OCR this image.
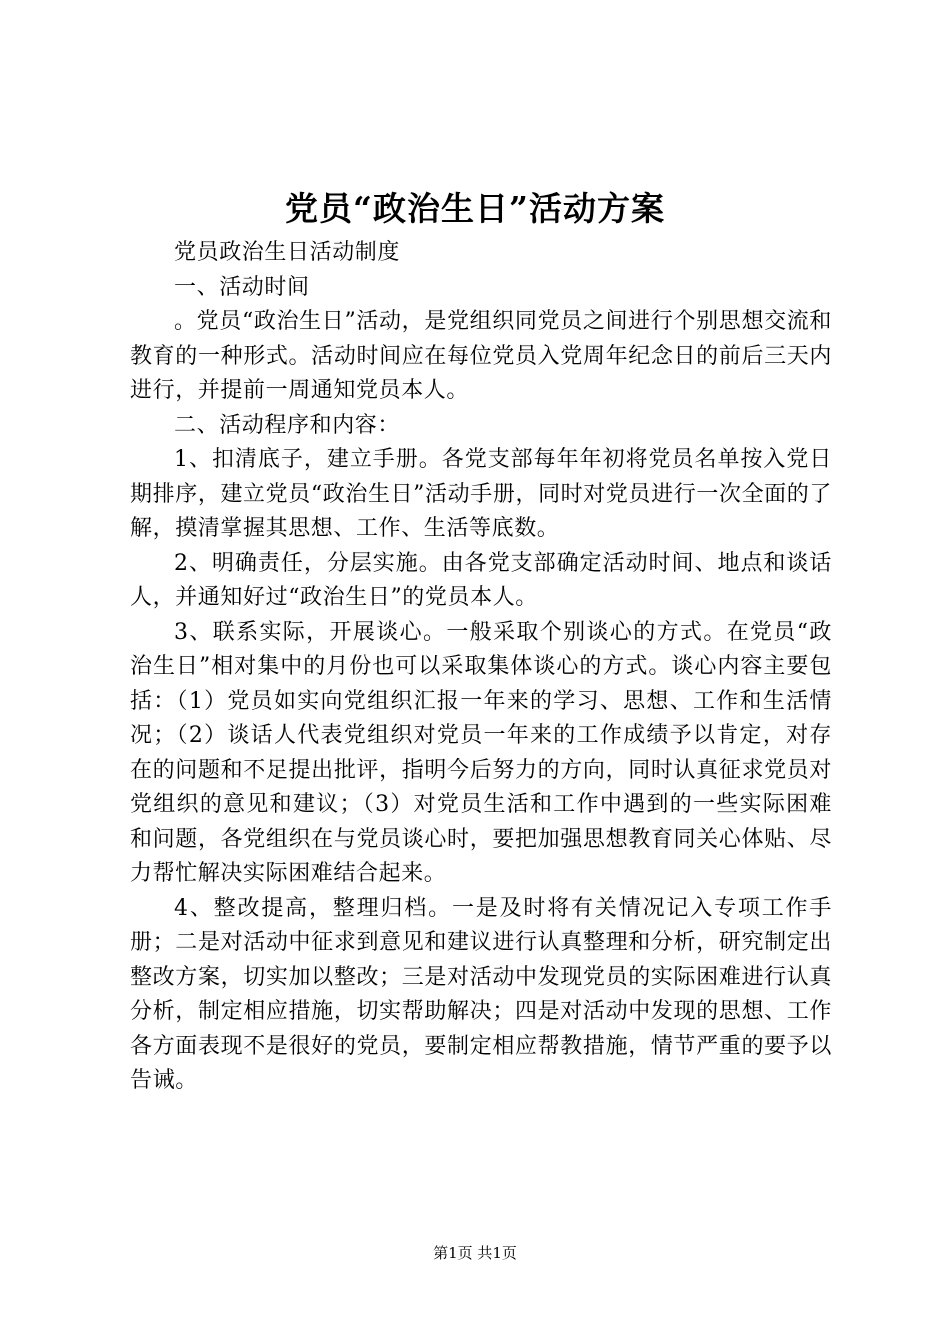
党员“政治生日”活动方案

党员政治生日活动制度

一、活动时间

。党员“政治生日”活动，是党组织同党员之间进行个别思想交流和教育的一种形式。活动时间应在每位党员入党周年纪念日的前后三天内进行，并提前一周通知党员本人。

二、活动程序和内容：

1、扣清底子，建立手册。各党支部每年年初将党员名单按入党日期排序，建立党员“政治生日”活动手册，同时对党员进行一次全面的了解，摸清掌握其思想、工作、生活等底数。

2、明确责任，分层实施。由各党支部确定活动时间、地点和谈话人，并通知好过“政治生日”的党员本人。

3、联系实际，开展谈心。一般采取个别谈心的方式。在党员“政治生日”相对集中的月份也可以采取集体谈心的方式。谈心内容主要包括：（1）党员如实向党组织汇报一年来的学习、思想、工作和生活情况；（2）谈话人代表党组织对党员一年来的工作成绩予以肯定，对存在的问题和不足提出批评，指明今后努力的方向，同时认真征求党员对党组织的意见和建议；（3）对党员生活和工作中遇到的一些实际困难和问题，各党组织在与党员谈心时，要把加强思想教育同关心体贴、尽力帮忙解决实际困难结合起来。

4、整改提高，整理归档。一是及时将有关情况记入专项工作手册；二是对活动中征求到意见和建议进行认真整理和分析，研究制定出整改方案，切实加以整改；三是对活动中发现党员的实际困难进行认真分析，制定相应措施，切实帮助解决；四是对活动中发现的思想、工作各方面表现不是很好的党员，要制定相应帮教措施，情节严重的要予以告诫。

第1页 共1页
